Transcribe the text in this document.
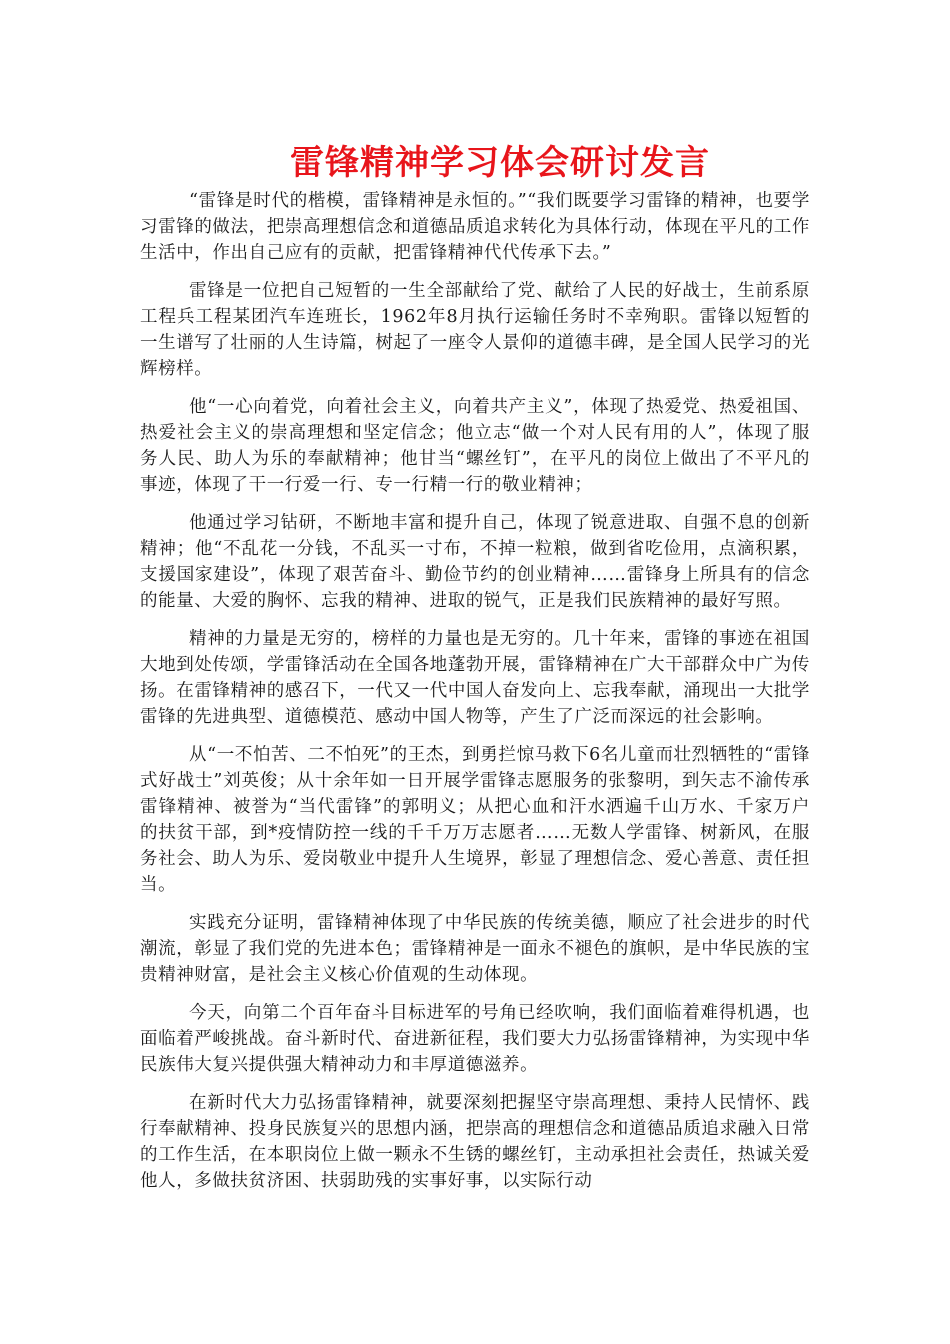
雷锋精神学习体会研讨发言

“雷锋是时代的楷模，雷锋精神是永恒的。”“我们既要学习雷锋的精神，也要学习雷锋的做法，把崇高理想信念和道德品质追求转化为具体行动，体现在平凡的工作生活中，作出自己应有的贡献，把雷锋精神代代传承下去。”

雷锋是一位把自己短暂的一生全部献给了党、献给了人民的好战士，生前系原工程兵工程某团汽车连班长，1962年8月执行运输任务时不幸殉职。雷锋以短暂的一生谱写了壮丽的人生诗篇，树起了一座令人景仰的道德丰碑，是全国人民学习的光辉榜样。

他“一心向着党，向着社会主义，向着共产主义”，体现了热爱党、热爱祖国、热爱社会主义的崇高理想和坚定信念；他立志“做一个对人民有用的人”，体现了服务人民、助人为乐的奉献精神；他甘当“螺丝钉”，在平凡的岗位上做出了不平凡的事迹，体现了干一行爱一行、专一行精一行的敬业精神；

他通过学习钻研，不断地丰富和提升自己，体现了锐意进取、自强不息的创新精神；他“不乱花一分钱，不乱买一寸布，不掉一粒粮，做到省吃俭用，点滴积累，支援国家建设”，体现了艰苦奋斗、勤俭节约的创业精神……雷锋身上所具有的信念的能量、大爱的胸怀、忘我的精神、进取的锐气，正是我们民族精神的最好写照。

精神的力量是无穷的，榜样的力量也是无穷的。几十年来，雷锋的事迹在祖国大地到处传颂，学雷锋活动在全国各地蓬勃开展，雷锋精神在广大干部群众中广为传扬。在雷锋精神的感召下，一代又一代中国人奋发向上、忘我奉献，涌现出一大批学雷锋的先进典型、道德模范、感动中国人物等，产生了广泛而深远的社会影响。

从“一不怕苦、二不怕死”的王杰，到勇拦惊马救下6名儿童而壮烈牺牲的“雷锋式好战士”刘英俊；从十余年如一日开展学雷锋志愿服务的张黎明，到矢志不渝传承雷锋精神、被誉为“当代雷锋”的郭明义；从把心血和汗水洒遍千山万水、千家万户的扶贫干部，到*疫情防控一线的千千万万志愿者……无数人学雷锋、树新风，在服务社会、助人为乐、爱岗敬业中提升人生境界，彰显了理想信念、爱心善意、责任担当。

实践充分证明，雷锋精神体现了中华民族的传统美德，顺应了社会进步的时代潮流，彰显了我们党的先进本色；雷锋精神是一面永不褪色的旗帜，是中华民族的宝贵精神财富，是社会主义核心价值观的生动体现。

今天，向第二个百年奋斗目标进军的号角已经吹响，我们面临着难得机遇，也面临着严峻挑战。奋斗新时代、奋进新征程，我们要大力弘扬雷锋精神，为实现中华民族伟大复兴提供强大精神动力和丰厚道德滋养。

在新时代大力弘扬雷锋精神，就要深刻把握坚守崇高理想、秉持人民情怀、践行奉献精神、投身民族复兴的思想内涵，把崇高的理想信念和道德品质追求融入日常的工作生活，在本职岗位上做一颗永不生锈的螺丝钉，主动承担社会责任，热诚关爱他人，多做扶贫济困、扶弱助残的实事好事，以实际行动
